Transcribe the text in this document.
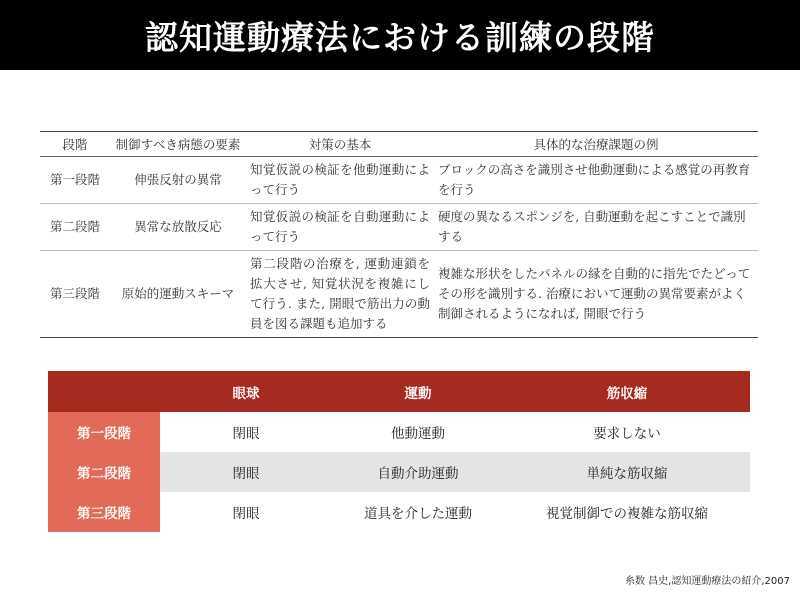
認知運動療法における訓練の段階
段階	制御すべき病態の要素	対策の基本	具体的な治療課題の例
第一段階	伸張反射の異常	知覚仮説の検証を他動運動によって行う	ブロックの高さを識別させ他動運動による感覚の再教育を行う
第二段階	異常な放散反応	知覚仮説の検証を自動運動によって行う	硬度の異なるスポンジを, 自動運動を起こすことで識別する
第三段階	原始的運動スキーマ	第二段階の治療を, 運動連鎖を拡大させ, 知覚状況を複雑にして行う. また, 開眼で筋出力の動員を図る課題も追加する	複雑な形状をしたパネルの縁を自動的に指先でたどってその形を識別する. 治療において運動の異常要素がよく制御されるようになれば, 開眼で行う
	眼球	運動	筋収縮
第一段階	閉眼	他動運動	要求しない
第二段階	閉眼	自動介助運動	単純な筋収縮
第三段階	閉眼	道具を介した運動	視覚制御での複雑な筋収縮
糸数 昌史,認知運動療法の紹介,2007
